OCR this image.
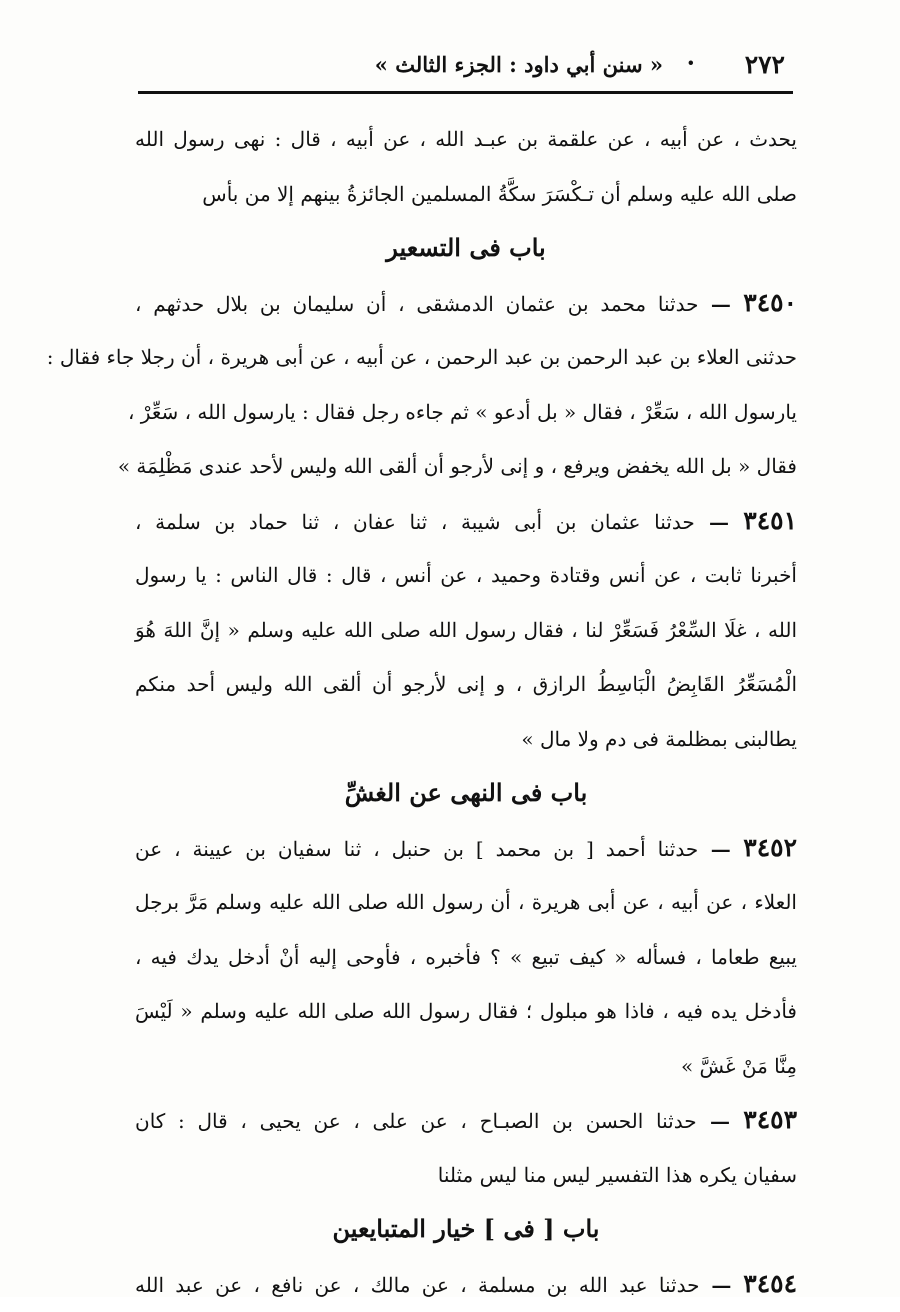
٢٧٢
·
« سنن أبي داود : الجزء الثالث »
يحدث ، عن أبيه ، عن علقمة بن عبـد الله ، عن أبيه ، قال : نهى رسول الله
صلى الله عليه وسلم أن تـكْسَرَ سكَّةُ المسلمين الجائزةُ بينهم إلا من بأس
باب فى التسعير
٣٤٥٠ — حدثنا محمد بن عثمان الدمشقى ، أن سليمان بن بلال حدثهم ،
حدثنى العلاء بن عبد الرحمن بن عبد الرحمن ، عن أبيه ، عن أبى هريرة ، أن رجلا جاء فقال :
يارسول الله ، سَعِّرْ ، فقال « بل أدعو » ثم جاءه رجل فقال : يارسول الله ، سَعِّرْ ،
فقال « بل الله يخفض ويرفع ، و إنى لأرجو أن ألقى الله وليس لأحد عندى مَظْلِمَة »
٣٤٥١ — حدثنا عثمان بن أبى شيبة ، ثنا عفان ، ثنا حماد بن سلمة ،
أخبرنا ثابت ، عن أنس وقتادة وحميد ، عن أنس ، قال : قال الناس : يا رسول
الله ، غلَا السِّعْرُ فَسَعِّرْ لنا ، فقال رسول الله صلى الله عليه وسلم « إنَّ اللهَ هُوَ
الْمُسَعِّرُ القَابِضُ الْبَاسِطُ الرازق ، و إنى لأرجو أن ألقى الله وليس أحد منكم
يطالبنى بمظلمة فى دم ولا مال »
باب فى النهى عن الغشِّ
٣٤٥٢ — حدثنا أحمد [ بن محمد ] بن حنبل ، ثنا سفيان بن عيينة ، عن
العلاء ، عن أبيه ، عن أبى هريرة ، أن رسول الله صلى الله عليه وسلم مَرَّ برجل
يبيع طعاما ، فسأله « كيف تبيع » ؟ فأخبره ، فأوحى إليه أنْ أدخل يدك فيه ،
فأدخل يده فيه ، فاذا هو مبلول ؛ فقال رسول الله صلى الله عليه وسلم « لَيْسَ
مِنَّا مَنْ غَشَّ »
٣٤٥٣ — حدثنا الحسن بن الصبـاح ، عن على ، عن يحيى ، قال : كان
سفيان يكره هذا التفسير ليس منا ليس مثلنا
باب [ فى ] خيار المتبايعين
٣٤٥٤ — حدثنا عبد الله بن مسلمة ، عن مالك ، عن نافع ، عن عبد الله
